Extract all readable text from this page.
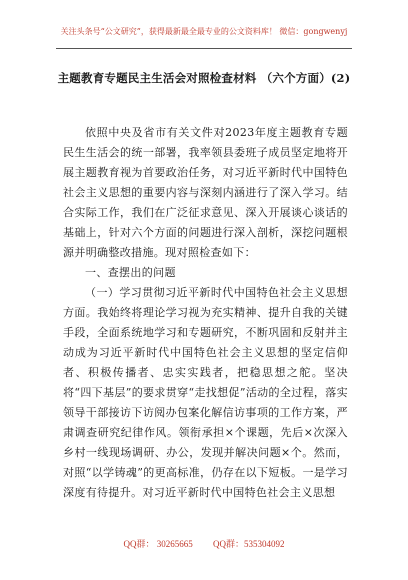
关注头条号“公文研究”，获得最新最全最专业的公文资料库！ 微信：gongwenyj
主题教育专题民主生活会对照检查材料 （六个方面）(2)

依照中央及省市有关文件对2023年度主题教育专题民生生活会的统一部署，我率领县委班子成员坚定地将开展主题教育视为首要政治任务，对习近平新时代中国特色社会主义思想的重要内容与深刻内涵进行了深入学习。结合实际工作，我们在广泛征求意见、深入开展谈心谈话的基础上，针对六个方面的问题进行深入剖析，深挖问题根源并明确整改措施。现对照检查如下：

一、查摆出的问题

（一）学习贯彻习近平新时代中国特色社会主义思想方面。我始终将理论学习视为充实精神、提升自我的关键手段，全面系统地学习和专题研究，不断巩固和反射并主动成为习近平新时代中国特色社会主义思想的坚定信仰者、积极传播者、忠实实践者，把稳思想之舵。坚决将“四下基层”的要求贯穿“走找想促”活动的全过程，落实领导干部接访下访阅办包案化解信访事项的工作方案，严肃调查研究纪律作风。领衔承担×个课题，先后×次深入乡村一线现场调研、办公，发现并解决问题×个。然而，对照“以学铸魂”的更高标准，仍存在以下短板。一是学习深度有待提升。对习近平新时代中国特色社会主义思想

QQ群： 30265665 QQ群：535304092
